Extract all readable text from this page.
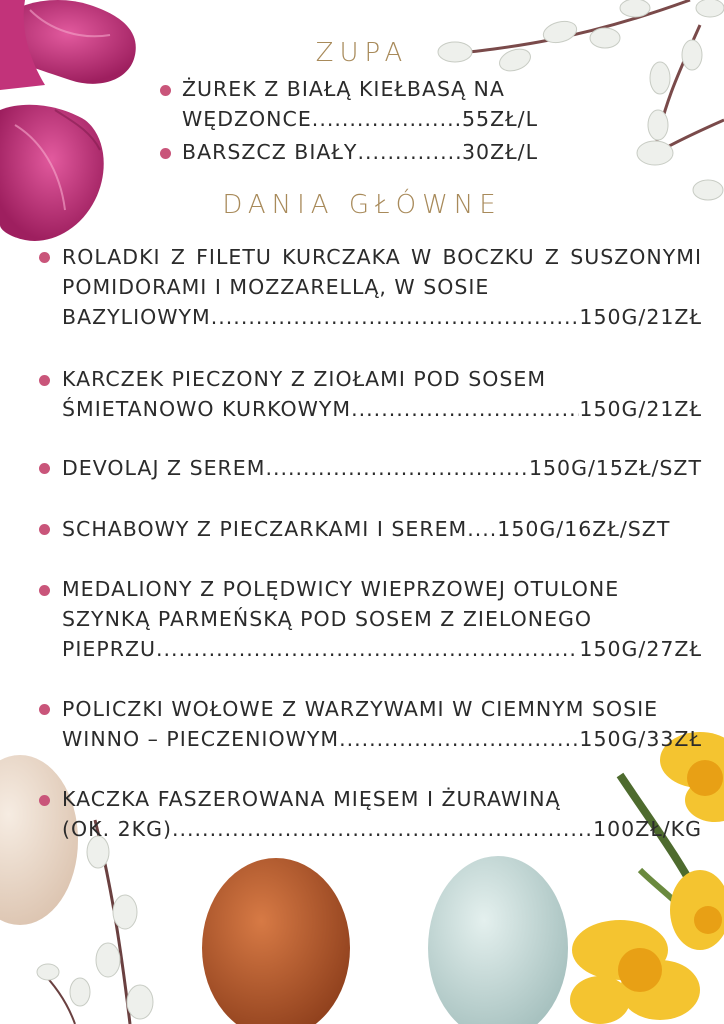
ZUPA
ŻUREK Z BIAŁĄ KIEŁBASĄ NA
WĘDZONCE .....	55ZŁ/L
BARSZCZ BIAŁY .....	30ZŁ/L
DANIA GŁÓWNE
ROLADKI Z FILETU KURCZAKA W BOCZKU Z SUSZONYMI POMIDORAMI I MOZZARELLĄ, W SOSIE
BAZYLIOWYM .....	150G/21ZŁ
KARCZEK PIECZONY Z ZIOŁAMI POD SOSEM
ŚMIETANOWO KURKOWYM .....	150G/21ZŁ
DEVOLAJ Z SEREM .....	150G/15ZŁ/SZT
SCHABOWY Z PIECZARKAMI I SEREM....150G/16ZŁ/SZT
MEDALIONY Z POLĘDWICY WIEPRZOWEJ OTULONE
SZYNKĄ PARMEŃSKĄ POD SOSEM Z ZIELONEGO
PIEPRZU .....	150G/27ZŁ
POLICZKI WOŁOWE Z WARZYWAMI W CIEMNYM SOSIE
WINNO – PIECZENIOWYM .....	150G/33ZŁ
KACZKA FASZEROWANA MIĘSEM I ŻURAWINĄ
(OK. 2KG) .....	100ZŁ/KG
